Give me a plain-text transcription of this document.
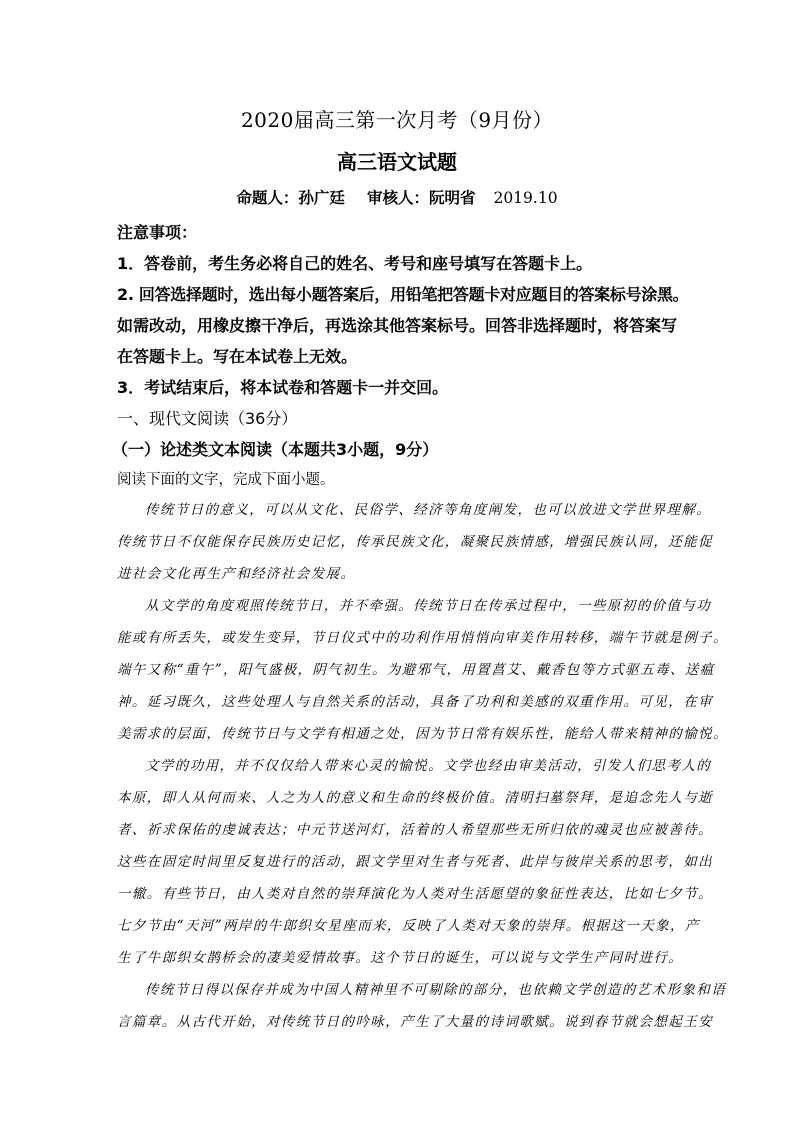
2020届高三第一次月考（9月份）
高三语文试题
命题人：孙广廷 审核人：阮明省 2019.10
注意事项：
1．答卷前，考生务必将自己的姓名、考号和座号填写在答题卡上。
2. 回答选择题时，选出每小题答案后，用铅笔把答题卡对应题目的答案标号涂黑。
如需改动，用橡皮擦干净后，再选涂其他答案标号。回答非选择题时，将答案写
在答题卡上。写在本试卷上无效。
3．考试结束后，将本试卷和答题卡一并交回。
一、现代文阅读（36分）
（一）论述类文本阅读（本题共3小题，9分）
阅读下面的文字，完成下面小题。
传统节日的意义，可以从文化、民俗学、经济等角度阐发，也可以放进文学世界理解。
传统节日不仅能保存民族历史记忆，传承民族文化，凝聚民族情感，增强民族认同，还能促
进社会文化再生产和经济社会发展。
从文学的角度观照传统节日，并不牵强。传统节日在传承过程中，一些原初的价值与功
能或有所丢失，或发生变异，节日仪式中的功利作用悄悄向审美作用转移，端午节就是例子。
端午又称“重午”，阳气盛极，阴气初生。为避邪气，用置菖艾、戴香包等方式驱五毒、送瘟
神。延习既久，这些处理人与自然关系的活动，具备了功利和美感的双重作用。可见，在审
美需求的层面，传统节日与文学有相通之处，因为节日常有娱乐性，能给人带来精神的愉悦。
文学的功用，并不仅仅给人带来心灵的愉悦。文学也经由审美活动，引发人们思考人的
本原，即人从何而来、人之为人的意义和生命的终极价值。清明扫墓祭拜，是追念先人与逝
者、祈求保佑的虔诚表达；中元节送河灯，活着的人希望那些无所归依的魂灵也应被善待。
这些在固定时间里反复进行的活动，跟文学里对生者与死者、此岸与彼岸关系的思考，如出
一辙。有些节日，由人类对自然的崇拜演化为人类对生活愿望的象征性表达，比如七夕节。
七夕节由“天河”两岸的牛郎织女星座而来，反映了人类对天象的崇拜。根据这一天象，产
生了牛郎织女鹊桥会的凄美爱情故事。这个节日的诞生，可以说与文学生产同时进行。
传统节日得以保存并成为中国人精神里不可剔除的部分，也依赖文学创造的艺术形象和语
言篇章。从古代开始，对传统节日的吟咏，产生了大量的诗词歌赋。说到春节就会想起王安
